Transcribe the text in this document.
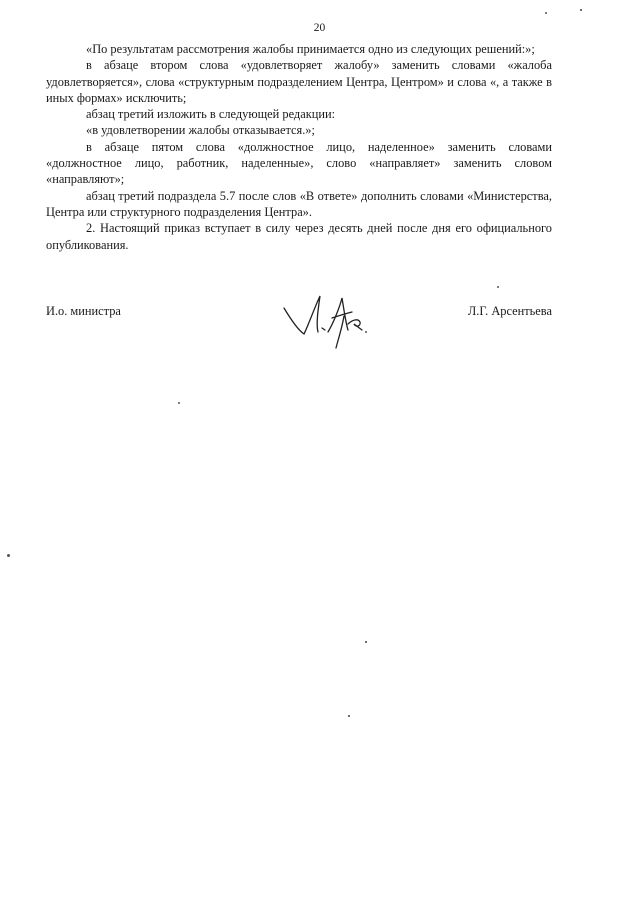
20

«По результатам рассмотрения жалобы принимается одно из следующих решений:»;

в абзаце втором слова «удовлетворяет жалобу» заменить словами «жалоба удовлетворяется», слова «структурным подразделением Центра, Центром» и слова «, а также в иных формах» исключить;

абзац третий изложить в следующей редакции:

«в удовлетворении жалобы отказывается.»;

в абзаце пятом слова «должностное лицо, наделенное» заменить словами «должностное лицо, работник, наделенные», слово «направляет» заменить словом «направляют»;

абзац третий подраздела 5.7 после слов «В ответе» дополнить словами «Министерства, Центра или структурного подразделения Центра».

2. Настоящий приказ вступает в силу через десять дней после дня его официального опубликования.

И.о. министра	Л.Г. Арсентьева
